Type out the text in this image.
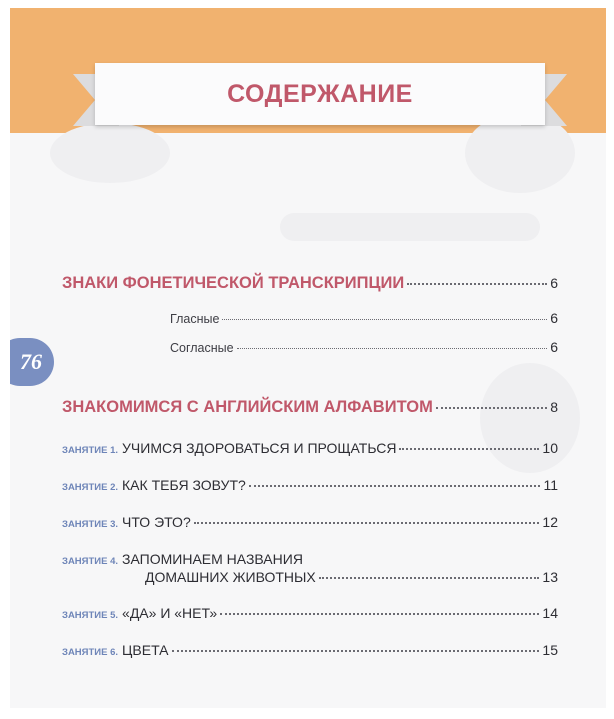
СОДЕРЖАНИЕ
76
ЗНАКИ ФОНЕТИЧЕСКОЙ ТРАНСКРИПЦИИ	6
Гласные	6
Согласные	6
ЗНАКОМИМСЯ С АНГЛИЙСКИМ АЛФАВИТОМ	8
ЗАНЯТИЕ 1. УЧИМСЯ ЗДОРОВАТЬСЯ И ПРОЩАТЬСЯ	10
ЗАНЯТИЕ 2. КАК ТЕБЯ ЗОВУТ?	11
ЗАНЯТИЕ 3. ЧТО ЭТО?	12
ЗАНЯТИЕ 4. ЗАПОМИНАЕМ НАЗВАНИЯ
ДОМАШНИХ ЖИВОТНЫХ	13
ЗАНЯТИЕ 5. «ДА» И «НЕТ»	14
ЗАНЯТИЕ 6. ЦВЕТА	15
